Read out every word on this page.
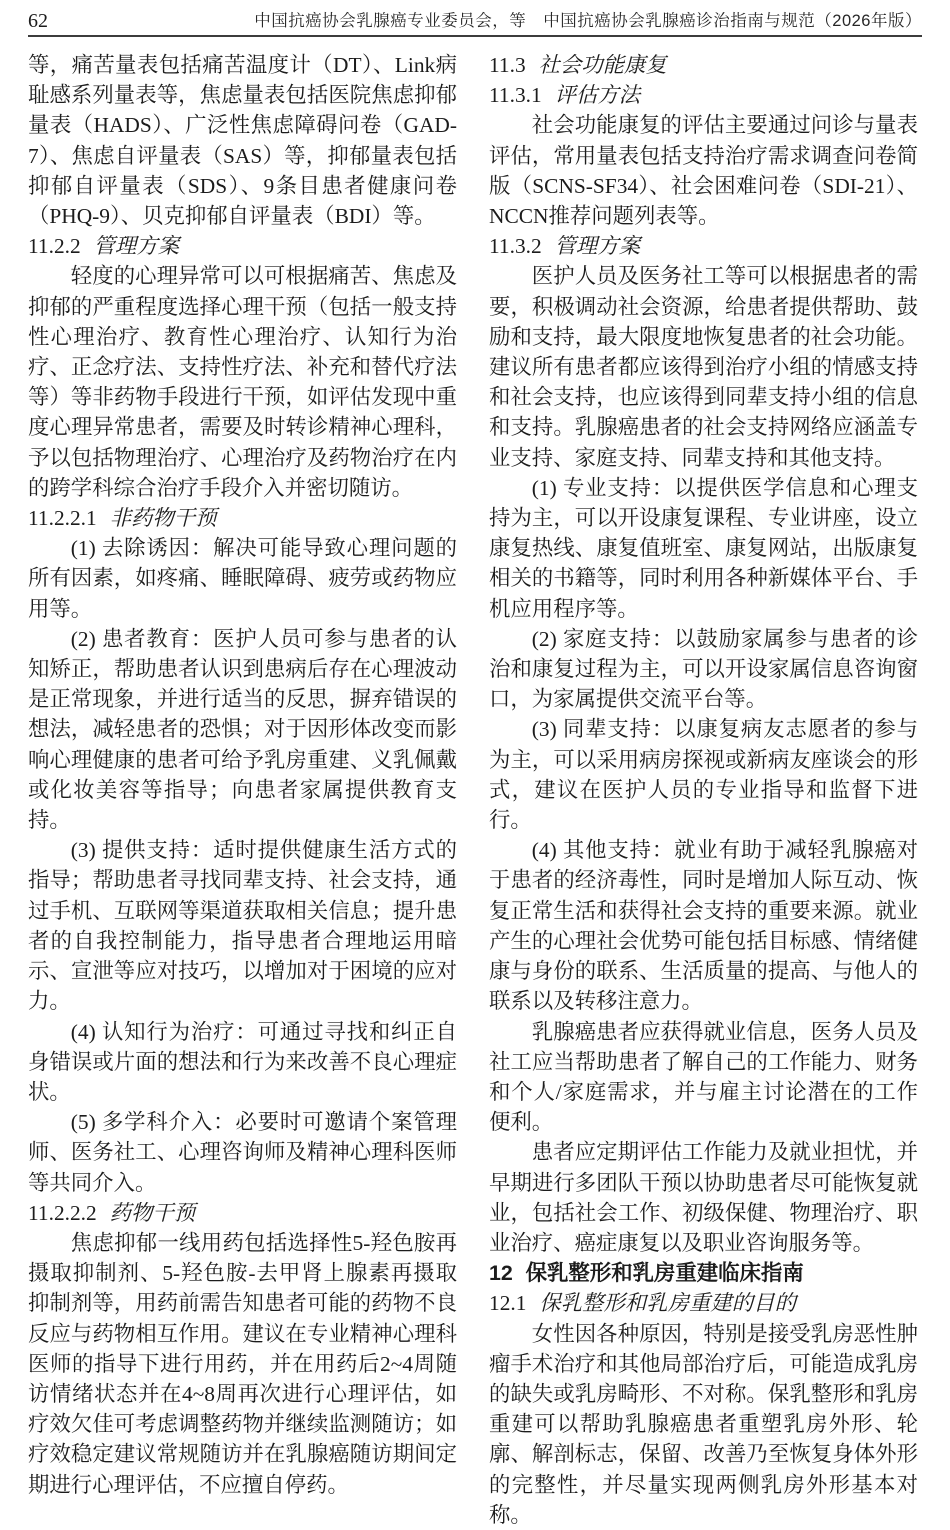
62	中国抗癌协会乳腺癌专业委员会，等　中国抗癌协会乳腺癌诊治指南与规范（2026年版）

等，痛苦量表包括痛苦温度计（DT）、Link病耻感系列量表等，焦虑量表包括医院焦虑抑郁量表（HADS）、广泛性焦虑障碍问卷（GAD-7）、焦虑自评量表（SAS）等，抑郁量表包括抑郁自评量表（SDS）、9条目患者健康问卷（PHQ-9）、贝克抑郁自评量表（BDI）等。

11.2.2 管理方案

轻度的心理异常可以可根据痛苦、焦虑及抑郁的严重程度选择心理干预（包括一般支持性心理治疗、教育性心理治疗、认知行为治疗、正念疗法、支持性疗法、补充和替代疗法等）等非药物手段进行干预，如评估发现中重度心理异常患者，需要及时转诊精神心理科，予以包括物理治疗、心理治疗及药物治疗在内的跨学科综合治疗手段介入并密切随访。

11.2.2.1 非药物干预

(1) 去除诱因：解决可能导致心理问题的所有因素，如疼痛、睡眠障碍、疲劳或药物应用等。

(2) 患者教育：医护人员可参与患者的认知矫正，帮助患者认识到患病后存在心理波动是正常现象，并进行适当的反思，摒弃错误的想法，减轻患者的恐惧；对于因形体改变而影响心理健康的患者可给予乳房重建、义乳佩戴或化妆美容等指导；向患者家属提供教育支持。

(3) 提供支持：适时提供健康生活方式的指导；帮助患者寻找同辈支持、社会支持，通过手机、互联网等渠道获取相关信息；提升患者的自我控制能力，指导患者合理地运用暗示、宣泄等应对技巧，以增加对于困境的应对力。

(4) 认知行为治疗：可通过寻找和纠正自身错误或片面的想法和行为来改善不良心理症状。

(5) 多学科介入：必要时可邀请个案管理师、医务社工、心理咨询师及精神心理科医师等共同介入。

11.2.2.2 药物干预

焦虑抑郁一线用药包括选择性5-羟色胺再摄取抑制剂、5-羟色胺-去甲肾上腺素再摄取抑制剂等，用药前需告知患者可能的药物不良反应与药物相互作用。建议在专业精神心理科医师的指导下进行用药，并在用药后2~4周随访情绪状态并在4~8周再次进行心理评估，如疗效欠佳可考虑调整药物并继续监测随访；如疗效稳定建议常规随访并在乳腺癌随访期间定期进行心理评估，不应擅自停药。

11.3 社会功能康复
11.3.1 评估方法

社会功能康复的评估主要通过问诊与量表评估，常用量表包括支持治疗需求调查问卷简版（SCNS-SF34）、社会困难问卷（SDI-21）、NCCN推荐问题列表等。

11.3.2 管理方案

医护人员及医务社工等可以根据患者的需要，积极调动社会资源，给患者提供帮助、鼓励和支持，最大限度地恢复患者的社会功能。建议所有患者都应该得到治疗小组的情感支持和社会支持，也应该得到同辈支持小组的信息和支持。乳腺癌患者的社会支持网络应涵盖专业支持、家庭支持、同辈支持和其他支持。

(1) 专业支持：以提供医学信息和心理支持为主，可以开设康复课程、专业讲座，设立康复热线、康复值班室、康复网站，出版康复相关的书籍等，同时利用各种新媒体平台、手机应用程序等。

(2) 家庭支持：以鼓励家属参与患者的诊治和康复过程为主，可以开设家属信息咨询窗口，为家属提供交流平台等。

(3) 同辈支持：以康复病友志愿者的参与为主，可以采用病房探视或新病友座谈会的形式，建议在医护人员的专业指导和监督下进行。

(4) 其他支持：就业有助于减轻乳腺癌对于患者的经济毒性，同时是增加人际互动、恢复正常生活和获得社会支持的重要来源。就业产生的心理社会优势可能包括目标感、情绪健康与身份的联系、生活质量的提高、与他人的联系以及转移注意力。

乳腺癌患者应获得就业信息，医务人员及社工应当帮助患者了解自己的工作能力、财务和个人/家庭需求，并与雇主讨论潜在的工作便利。

患者应定期评估工作能力及就业担忧，并早期进行多团队干预以协助患者尽可能恢复就业，包括社会工作、初级保健、物理治疗、职业治疗、癌症康复以及职业咨询服务等。

12 保乳整形和乳房重建临床指南
12.1 保乳整形和乳房重建的目的

女性因各种原因，特别是接受乳房恶性肿瘤手术治疗和其他局部治疗后，可能造成乳房的缺失或乳房畸形、不对称。保乳整形和乳房重建可以帮助乳腺癌患者重塑乳房外形、轮廓、解剖标志，保留、改善乃至恢复身体外形的完整性，并尽量实现两侧乳房外形基本对称。
